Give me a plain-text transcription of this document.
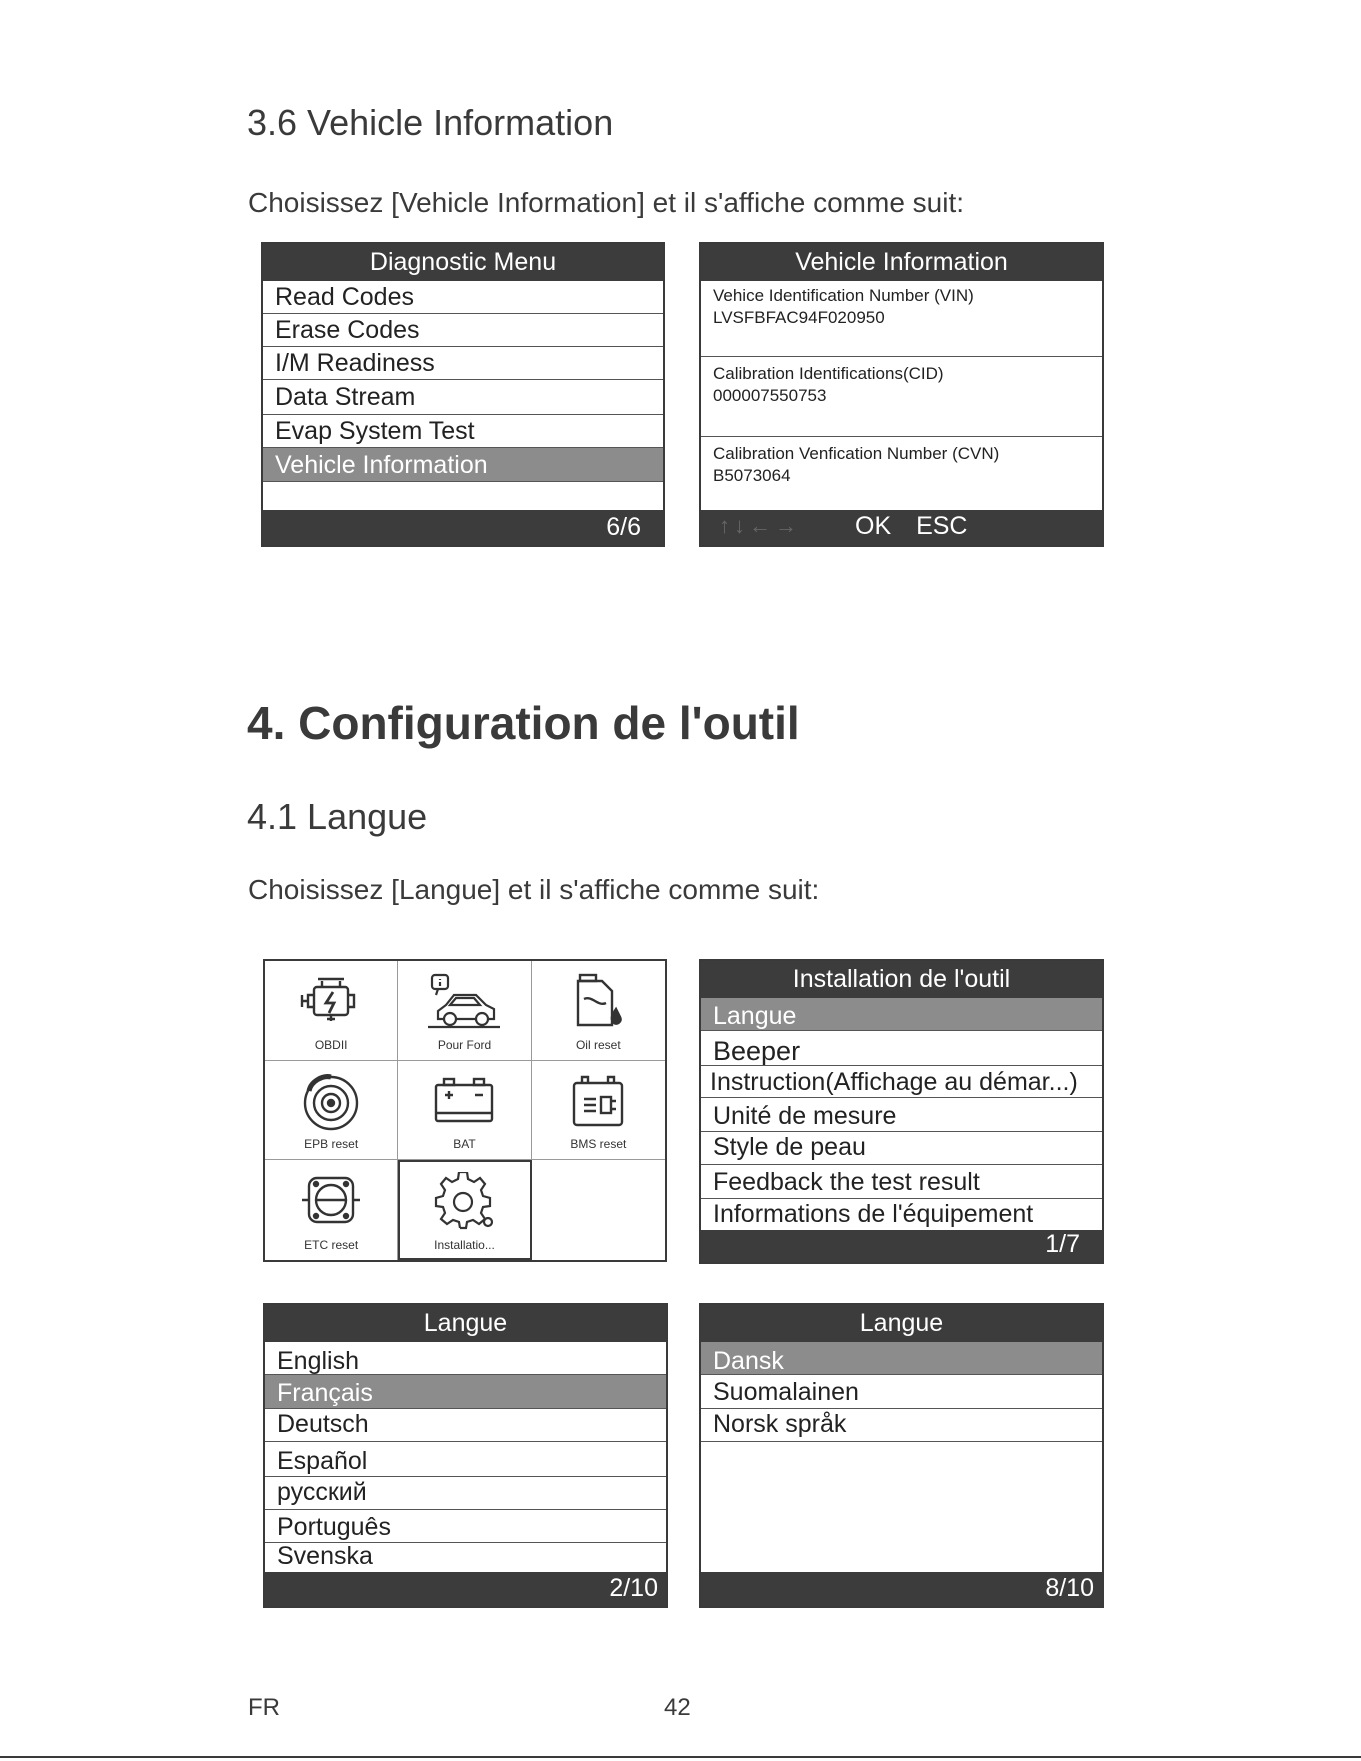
3.6 Vehicle Information

Choisissez [Vehicle Information] et il s'affiche comme suit:

Diagnostic Menu
Read Codes
Erase Codes
I/M Readiness
Data Stream
Evap System Test
Vehicle Information
6/6
Vehicle Information
Vehice Identification Number (VIN)
LVSFBFAC94F020950
Calibration Identifications(CID)
000007550753
Calibration Venfication Number (CVN)
B5073064
↑↓←→ OK ESC
4. Configuration de l'outil
4.1 Langue

Choisissez [Langue] et il s'affiche comme suit:

OBDII	Pour Ford	Oil reset
EPB reset	BAT	BMS reset
ETC reset	Installatio...
Installation de l'outil
Langue
Beeper
Instruction(Affichage au démar...)
Unité de mesure
Style de peau
Feedback the test result
Informations de l'équipement
1/7
Langue
English
Français
Deutsch
Español
русский
Português
Svenska
2/10
Langue
Dansk
Suomalainen
Norsk språk
8/10
FR	42
